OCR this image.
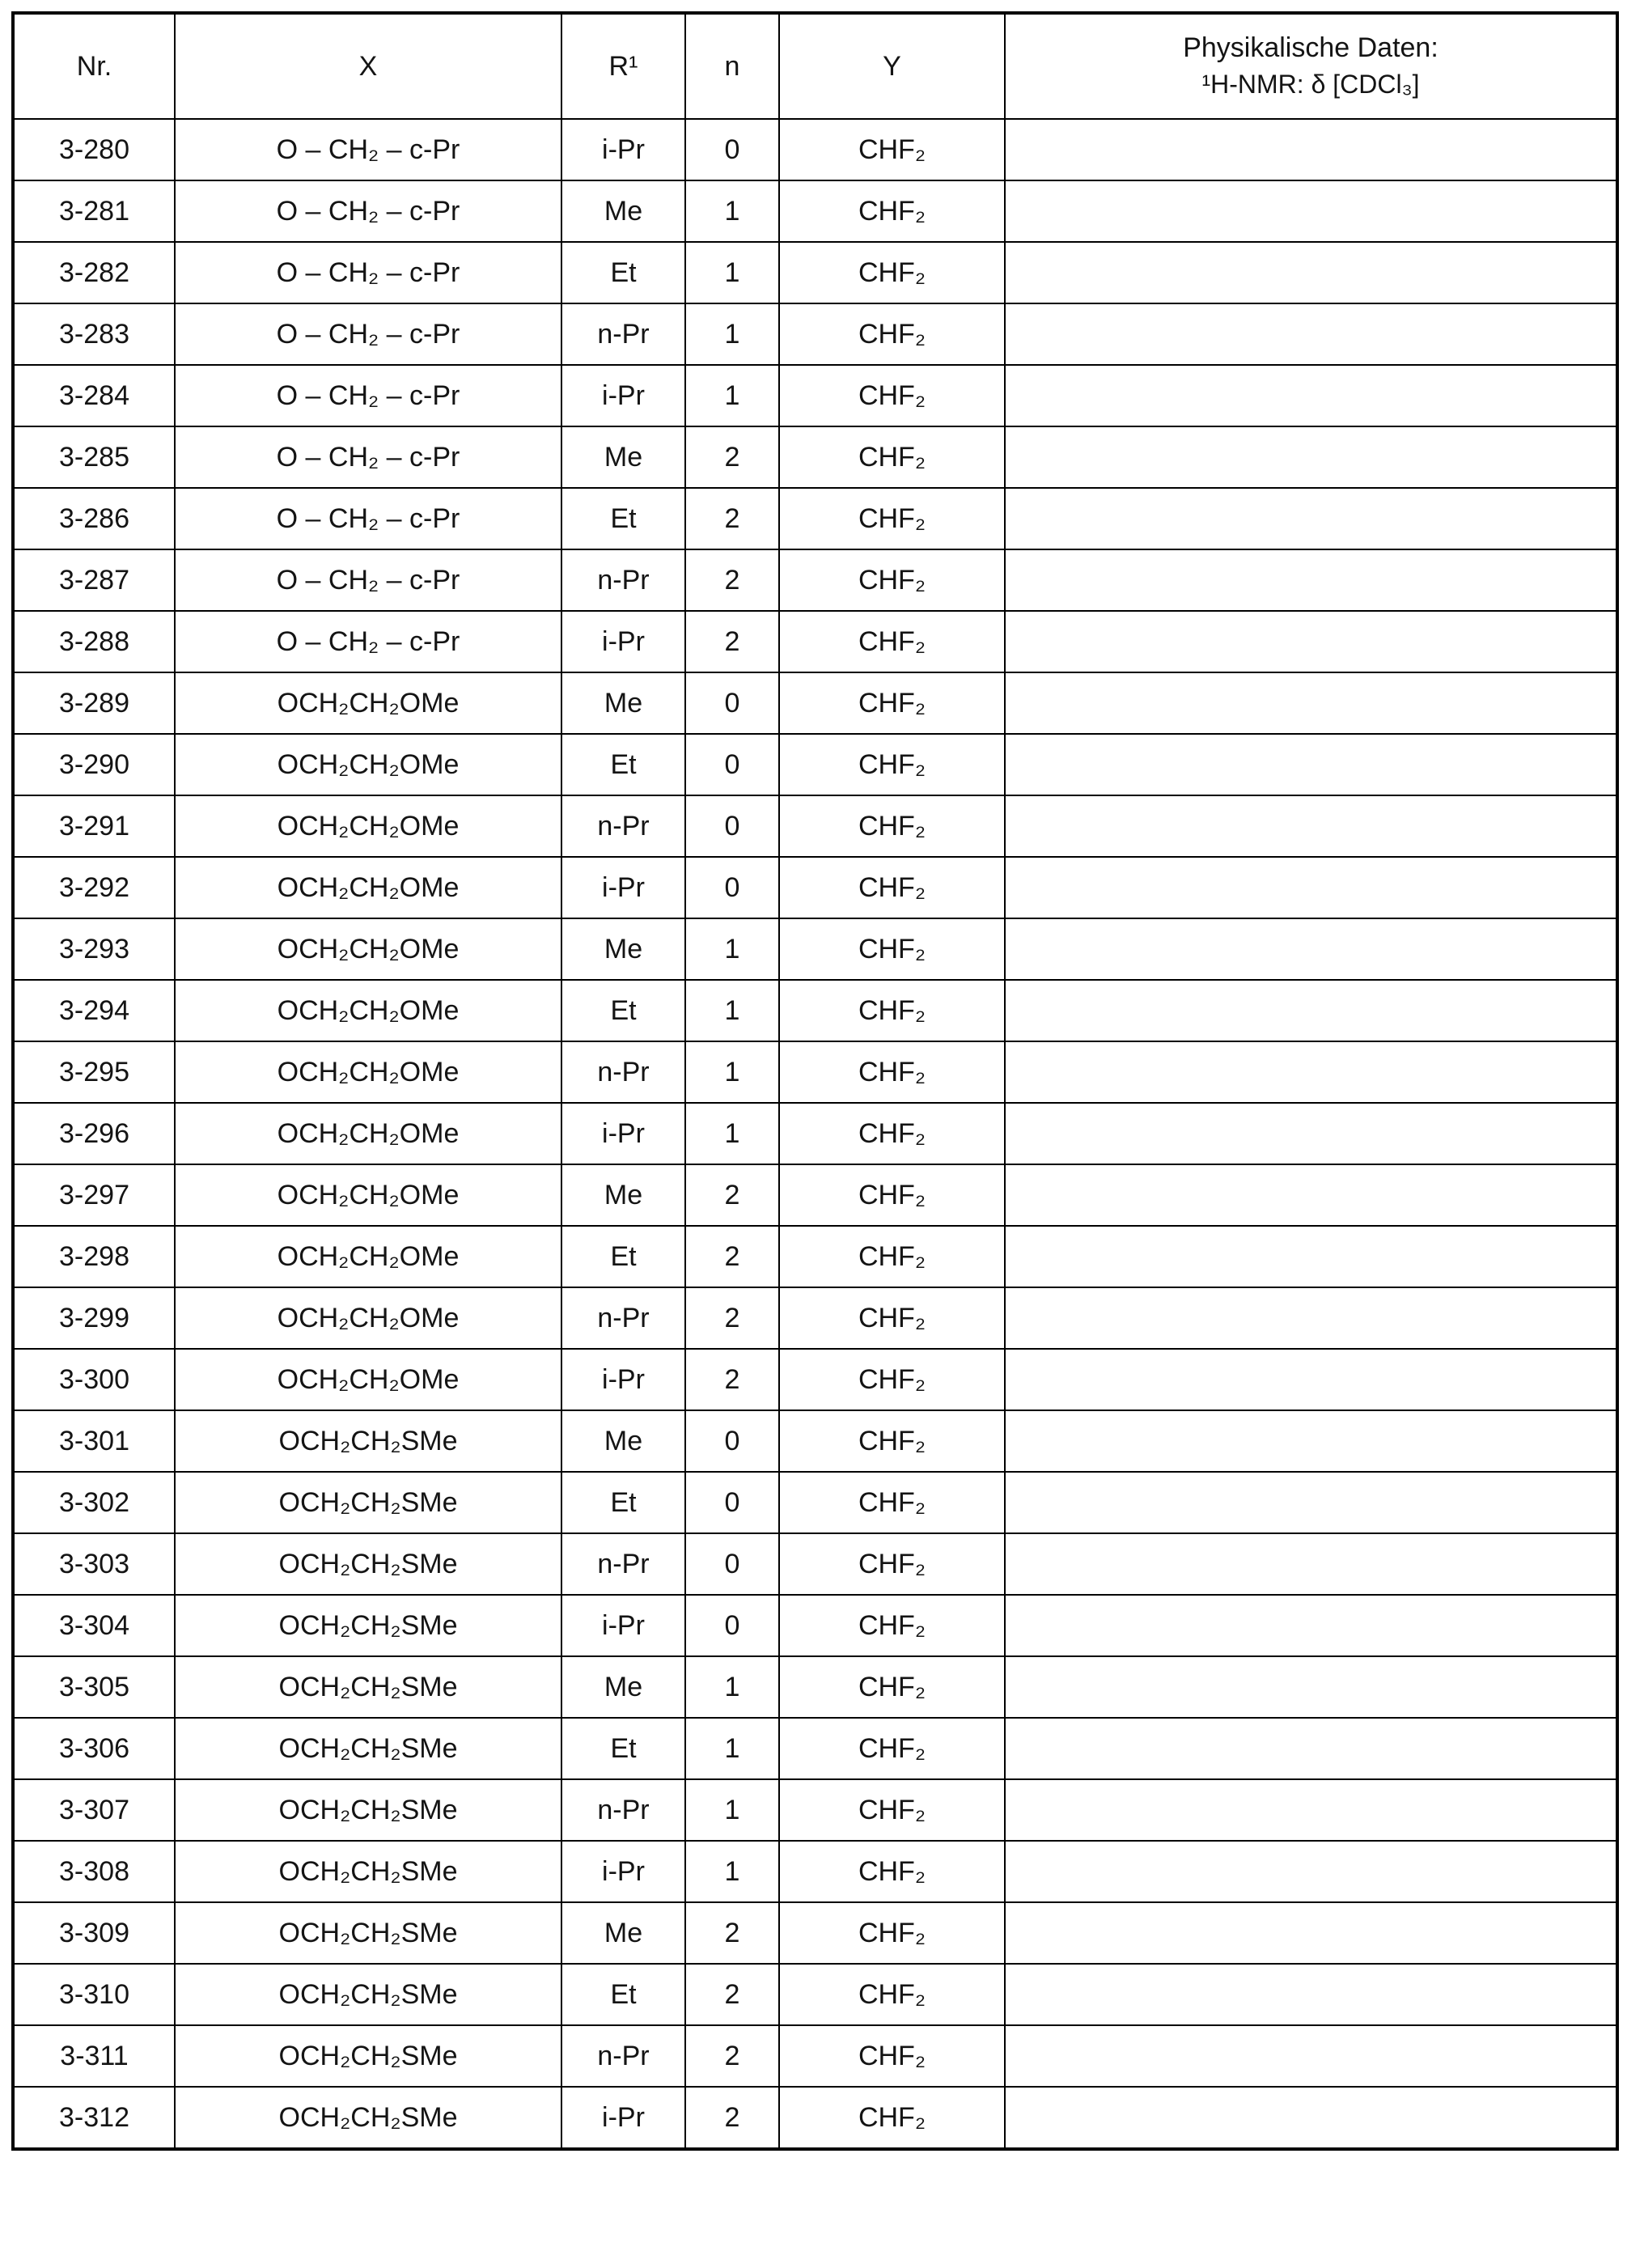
Nr.	X	R¹	n	Y	Physikalische Daten:
¹H-NMR: δ [CDCl₃]

3-280	O – CH₂ – c-Pr	i-Pr	0	CHF₂	
3-281	O – CH₂ – c-Pr	Me	1	CHF₂	
3-282	O – CH₂ – c-Pr	Et	1	CHF₂	
3-283	O – CH₂ – c-Pr	n-Pr	1	CHF₂	
3-284	O – CH₂ – c-Pr	i-Pr	1	CHF₂	
3-285	O – CH₂ – c-Pr	Me	2	CHF₂	
3-286	O – CH₂ – c-Pr	Et	2	CHF₂	
3-287	O – CH₂ – c-Pr	n-Pr	2	CHF₂	
3-288	O – CH₂ – c-Pr	i-Pr	2	CHF₂	
3-289	OCH₂CH₂OMe	Me	0	CHF₂	
3-290	OCH₂CH₂OMe	Et	0	CHF₂	
3-291	OCH₂CH₂OMe	n-Pr	0	CHF₂	
3-292	OCH₂CH₂OMe	i-Pr	0	CHF₂	
3-293	OCH₂CH₂OMe	Me	1	CHF₂	
3-294	OCH₂CH₂OMe	Et	1	CHF₂	
3-295	OCH₂CH₂OMe	n-Pr	1	CHF₂	
3-296	OCH₂CH₂OMe	i-Pr	1	CHF₂	
3-297	OCH₂CH₂OMe	Me	2	CHF₂	
3-298	OCH₂CH₂OMe	Et	2	CHF₂	
3-299	OCH₂CH₂OMe	n-Pr	2	CHF₂	
3-300	OCH₂CH₂OMe	i-Pr	2	CHF₂	
3-301	OCH₂CH₂SMe	Me	0	CHF₂	
3-302	OCH₂CH₂SMe	Et	0	CHF₂	
3-303	OCH₂CH₂SMe	n-Pr	0	CHF₂	
3-304	OCH₂CH₂SMe	i-Pr	0	CHF₂	
3-305	OCH₂CH₂SMe	Me	1	CHF₂	
3-306	OCH₂CH₂SMe	Et	1	CHF₂	
3-307	OCH₂CH₂SMe	n-Pr	1	CHF₂	
3-308	OCH₂CH₂SMe	i-Pr	1	CHF₂	
3-309	OCH₂CH₂SMe	Me	2	CHF₂	
3-310	OCH₂CH₂SMe	Et	2	CHF₂	
3-311	OCH₂CH₂SMe	n-Pr	2	CHF₂	
3-312	OCH₂CH₂SMe	i-Pr	2	CHF₂	
